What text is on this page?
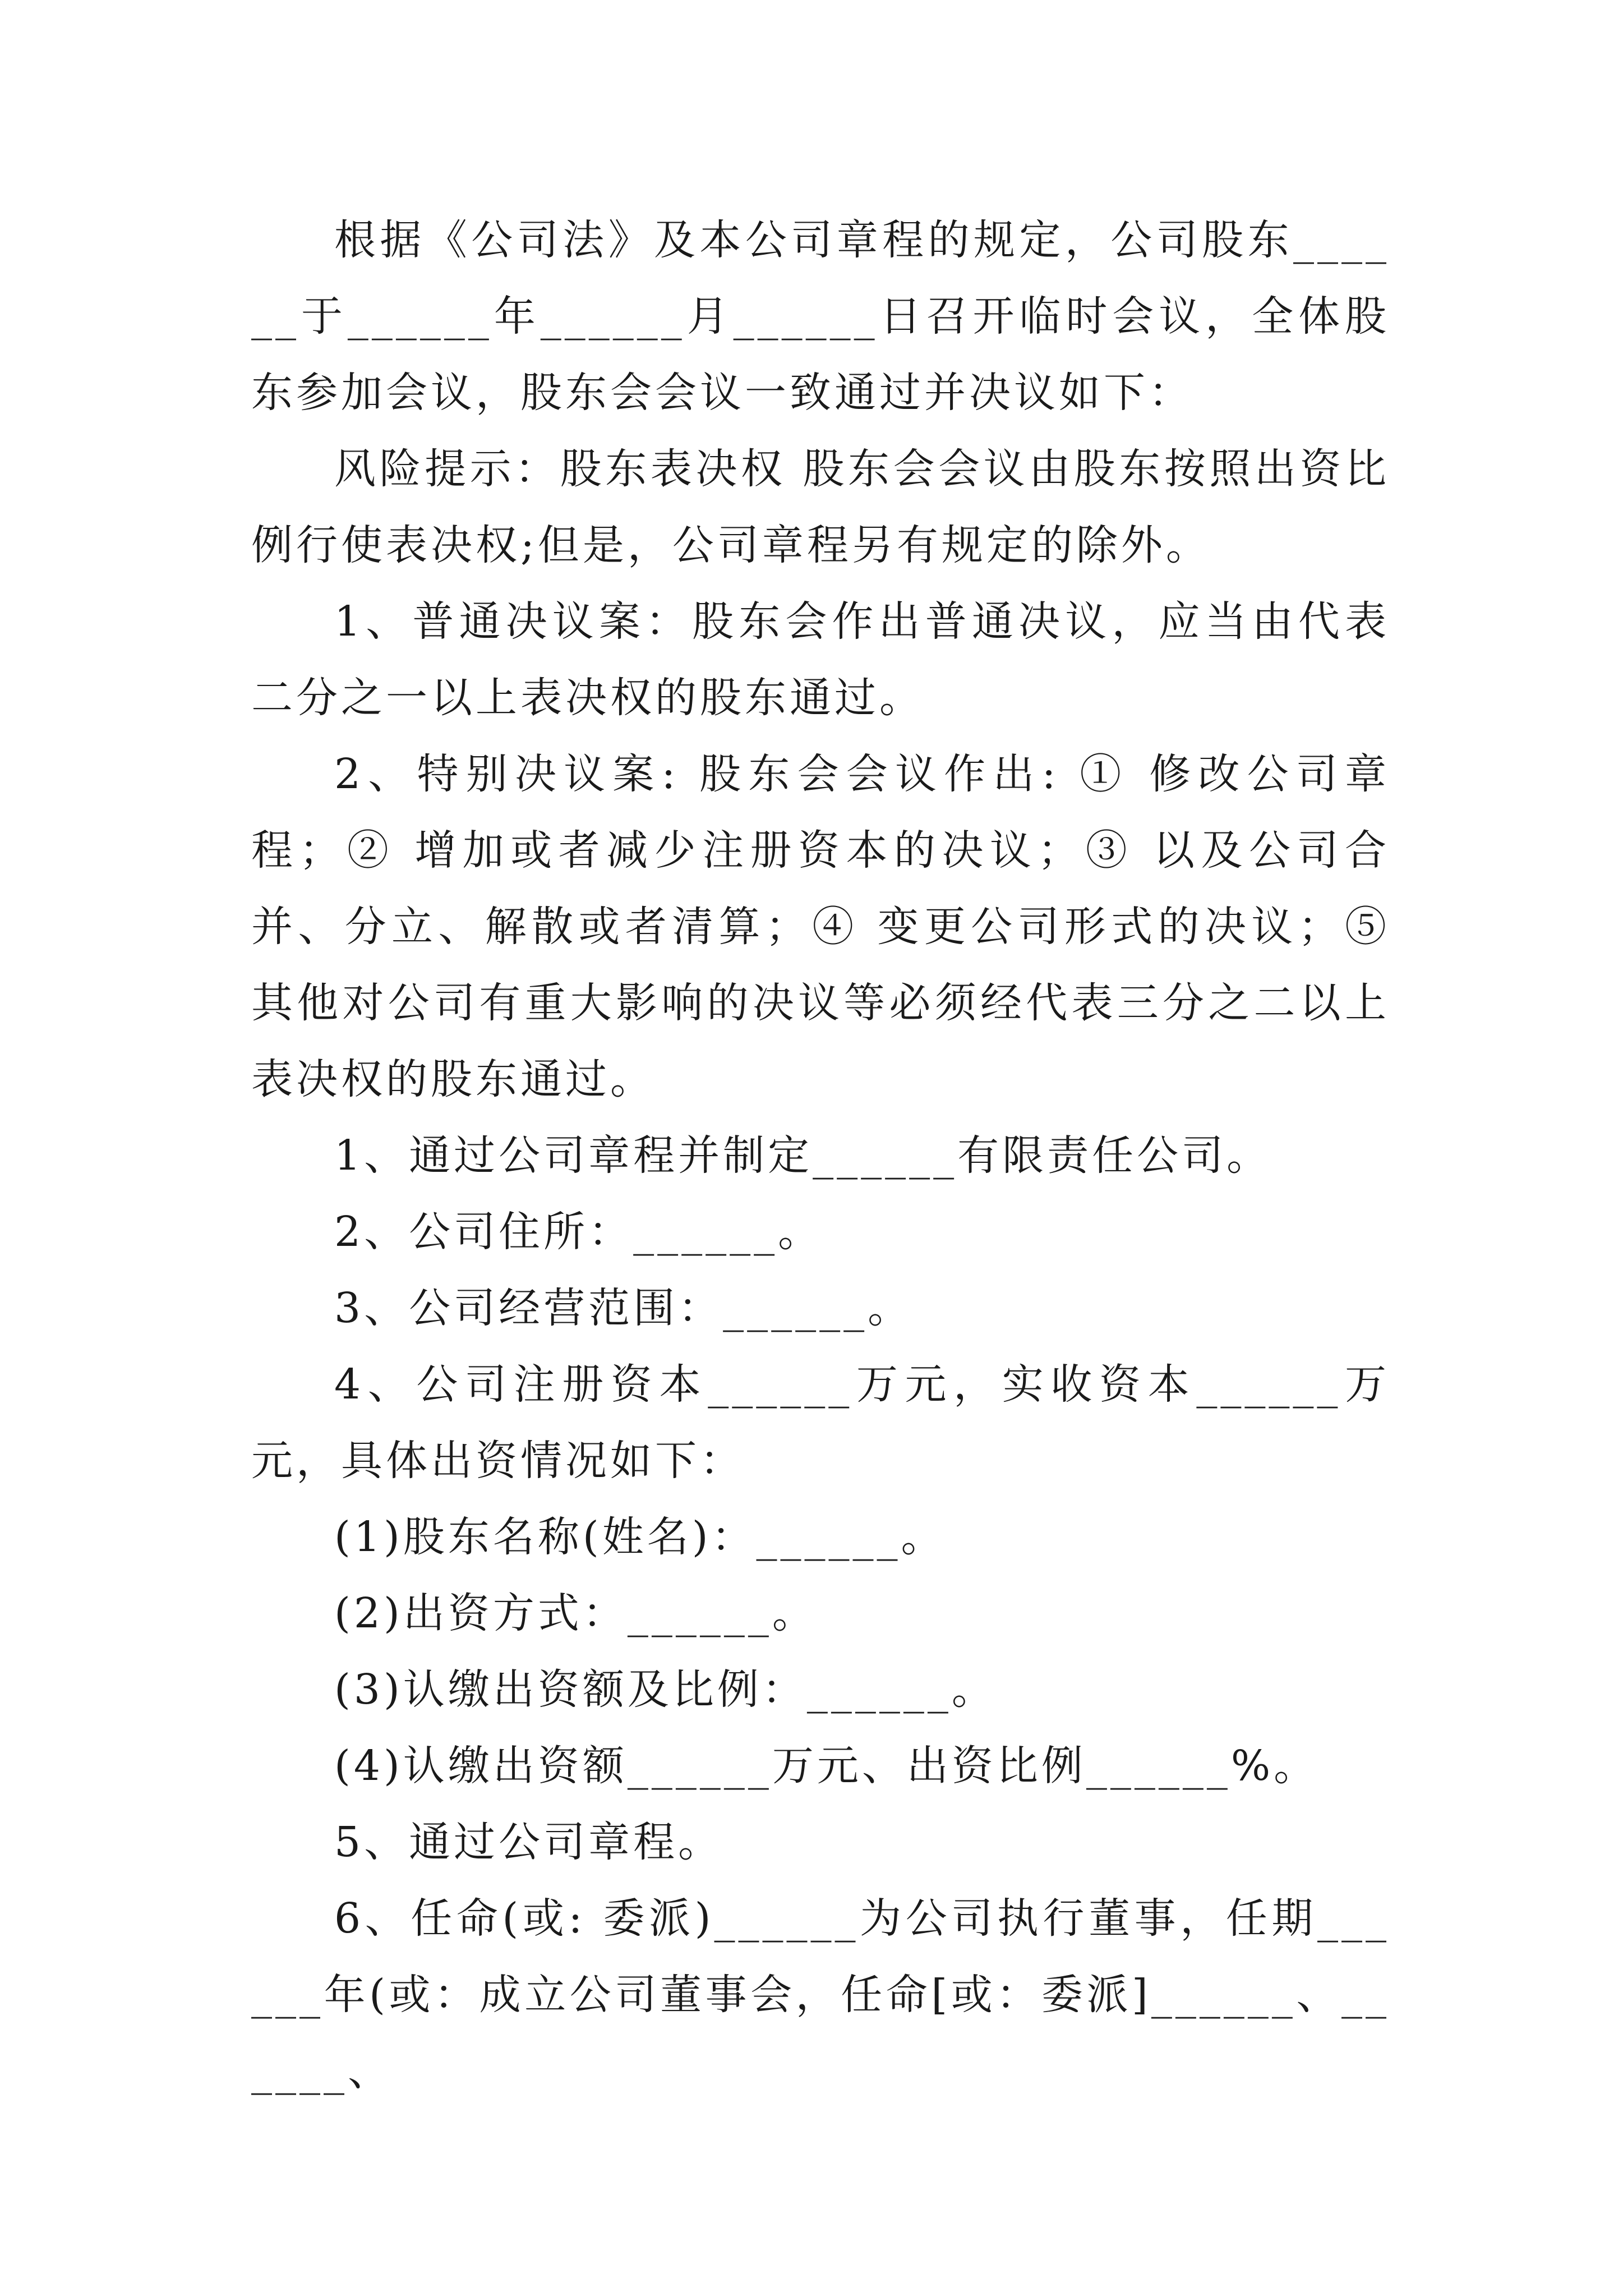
根据《公司法》及本公司章程的规定，公司股东______于______年______月______日召开临时会议，全体股东参加会议，股东会会议一致通过并决议如下：

风险提示：股东表决权 股东会会议由股东按照出资比例行使表决权;但是，公司章程另有规定的除外。

1、普通决议案：股东会作出普通决议，应当由代表二分之一以上表决权的股东通过。

2、特别决议案: 股东会会议作出: ① 修改公司章程；② 增加或者减少注册资本的决议；③ 以及公司合并、分立、解散或者清算；④ 变更公司形式的决议；⑤ 其他对公司有重大影响的决议等必须经代表三分之二以上表决权的股东通过。

1、通过公司章程并制定______有限责任公司。

2、公司住所：______。

3、公司经营范围：______。

4、公司注册资本______万元，实收资本______万元，具体出资情况如下：

(1)股东名称(姓名)：______。

(2)出资方式：______。

(3)认缴出资额及比例：______。

(4)认缴出资额______万元、出资比例______%。

5、通过公司章程。

6、任命(或: 委派)______为公司执行董事，任期______年(或：成立公司董事会，任命[或：委派]______、______、
